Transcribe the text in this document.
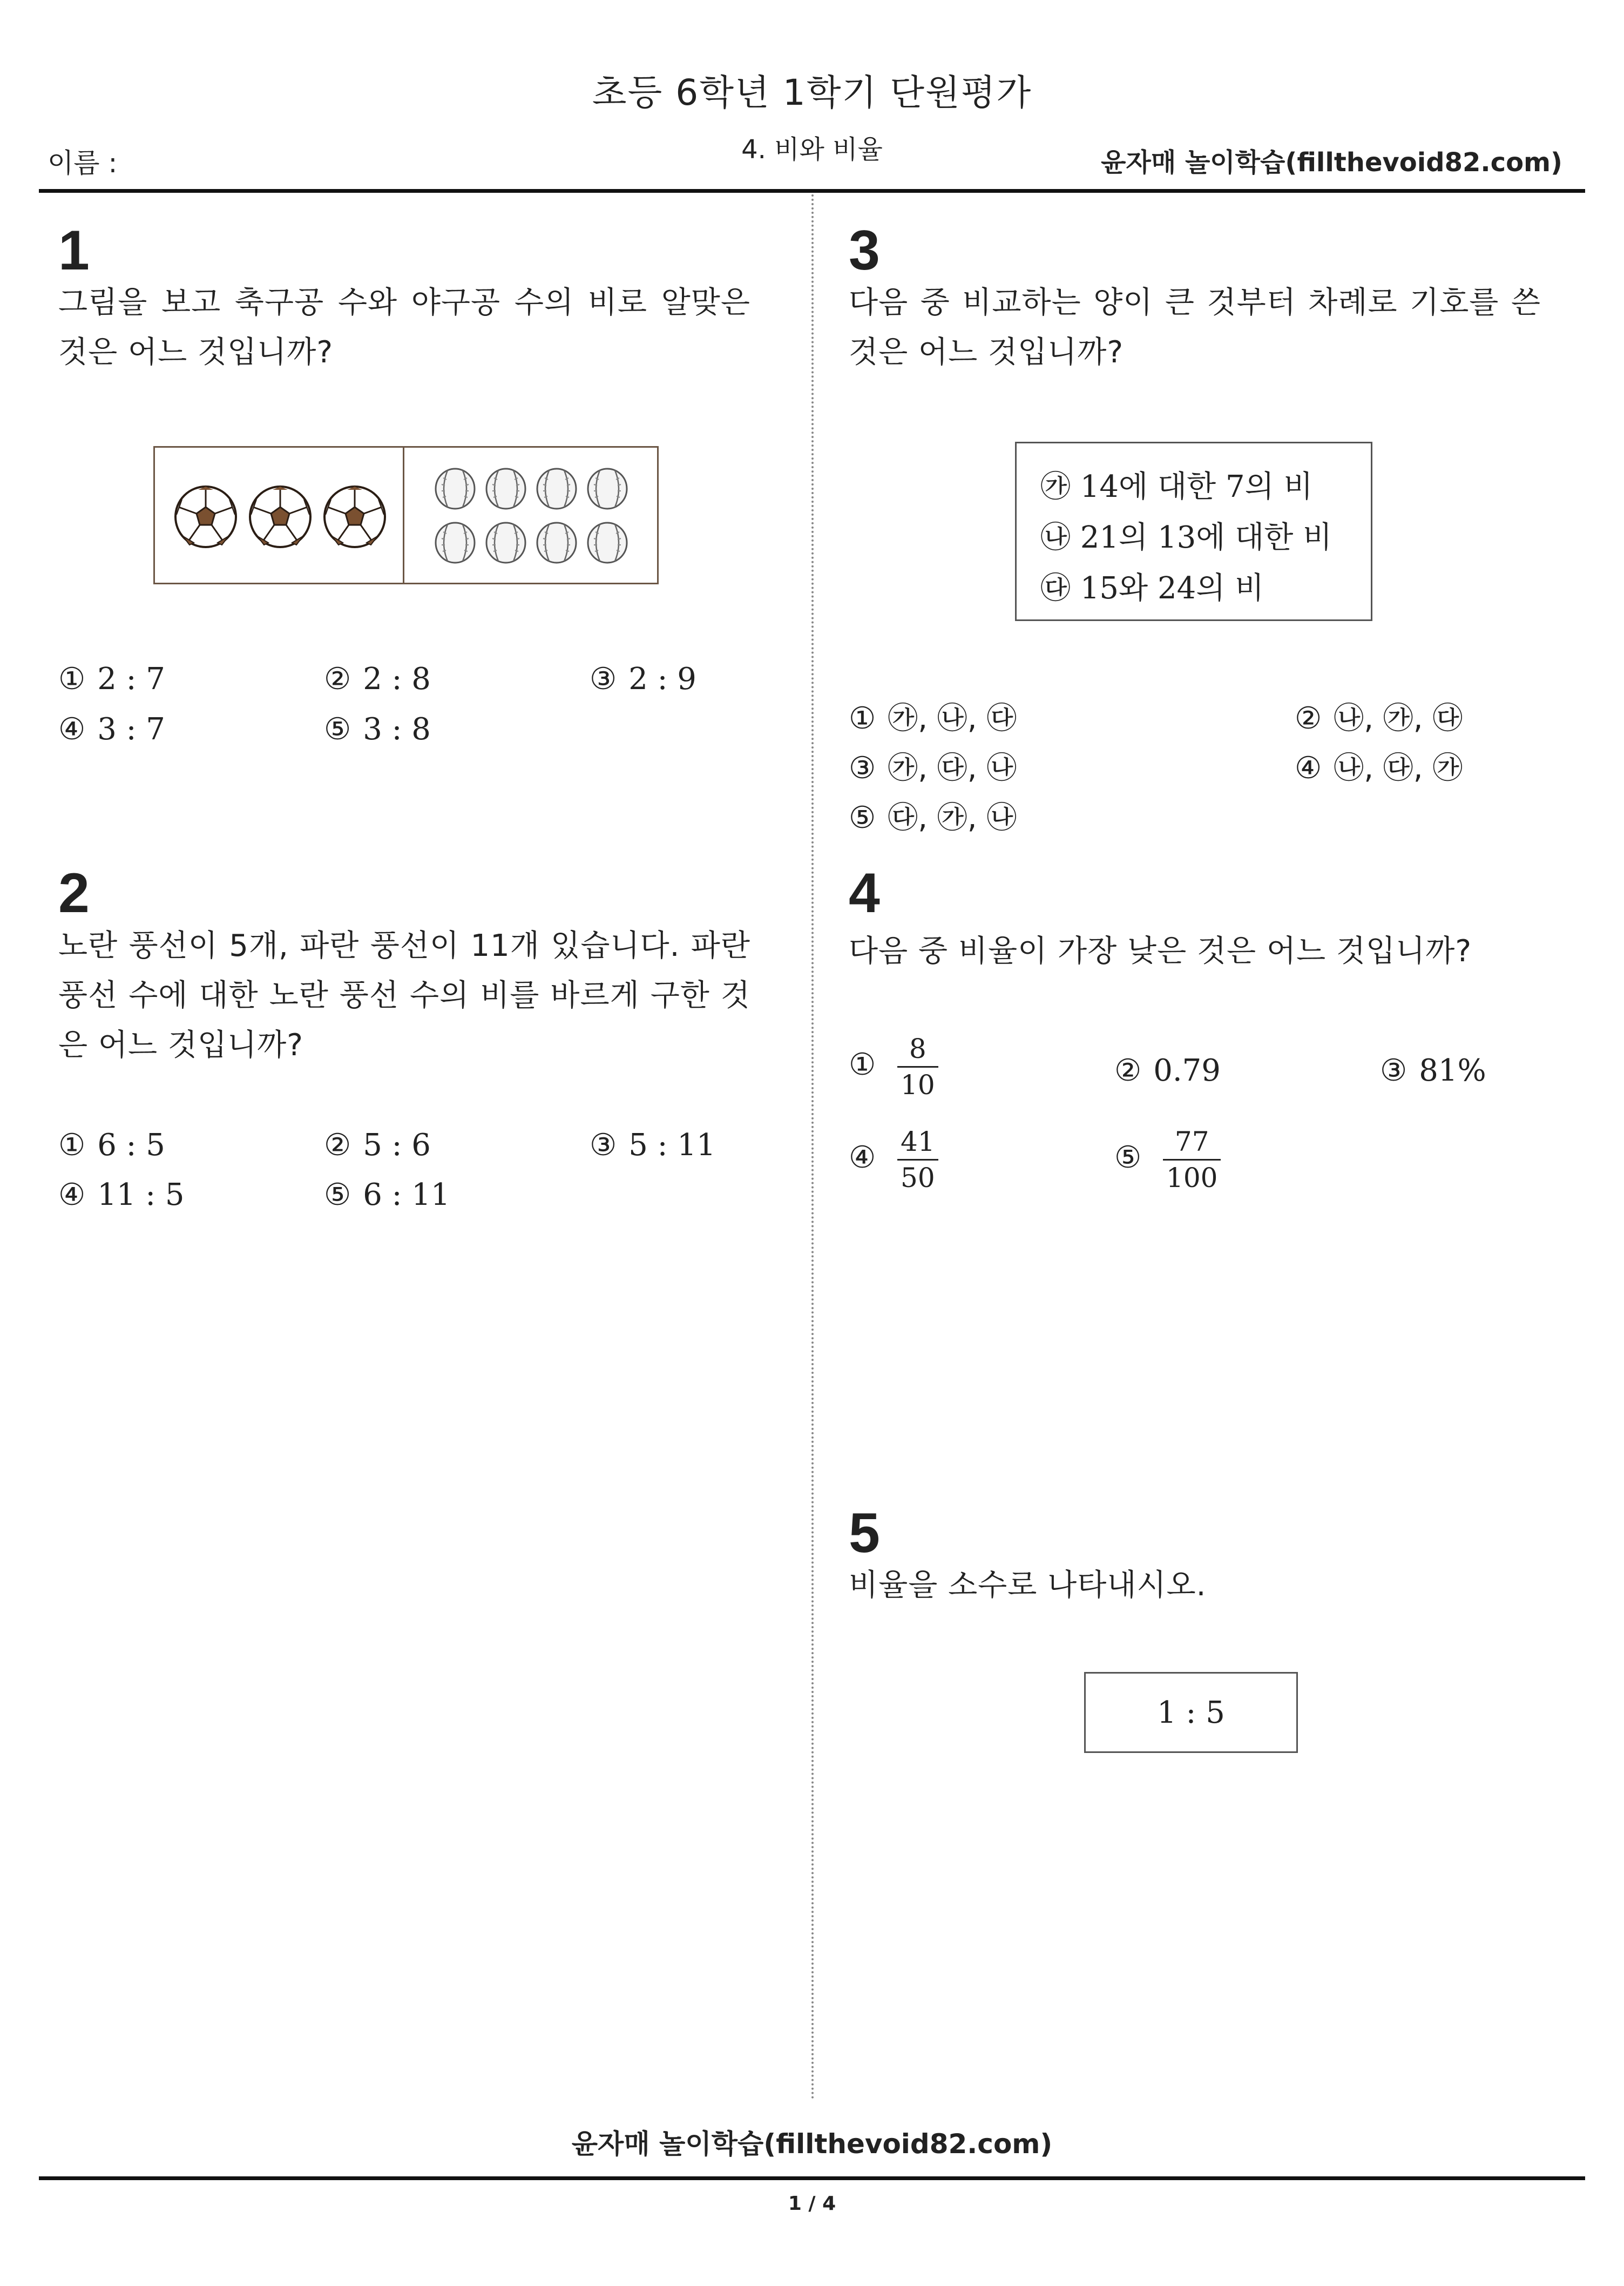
초등 6학년 1학기 단원평가
4. 비와 비율
이름 :	윤자매 놀이학습(fillthevoid82.com)
1
그림을 보고 축구공 수와 야구공 수의 비로 알맞은 것은 어느 것입니까?
① 2 : 7	② 2 : 8	③ 2 : 9
④ 3 : 7	⑤ 3 : 8
2
노란 풍선이 5개, 파란 풍선이 11개 있습니다. 파란 풍선 수에 대한 노란 풍선 수의 비를 바르게 구한 것은 어느 것입니까?
① 6 : 5	② 5 : 6	③ 5 : 11
④ 11 : 5	⑤ 6 : 11
3
다음 중 비교하는 양이 큰 것부터 차례로 기호를 쓴 것은 어느 것입니까?
㉮ 14에 대한 7의 비
㉯ 21의 13에 대한 비
㉰ 15와 24의 비
① ㉮, ㉯, ㉰	② ㉯, ㉮, ㉰
③ ㉮, ㉰, ㉯	④ ㉯, ㉰, ㉮
⑤ ㉰, ㉮, ㉯
4
다음 중 비율이 가장 낮은 것은 어느 것입니까?
① $\frac{8}{10}$	② 0.79	③ 81%
④ $\frac{41}{50}$	⑤ $\frac{77}{100}$
5
비율을 소수로 나타내시오.
1 : 5
윤자매 놀이학습(fillthevoid82.com)
1 / 4
